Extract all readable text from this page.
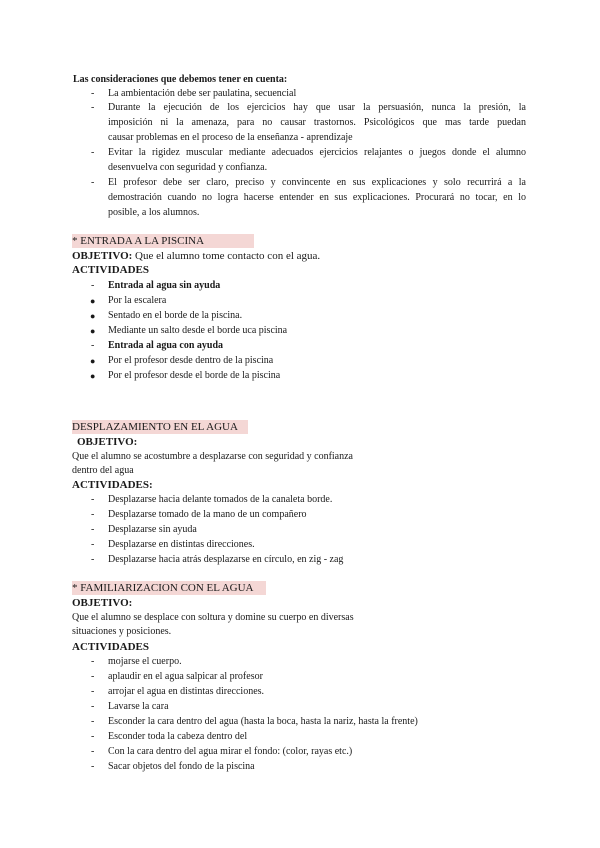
Las consideraciones que debemos tener en cuenta:
- La ambientación debe ser paulatina, secuencial
- Durante la ejecución de los ejercicios hay que usar la persuasión, nunca la presión, la
imposición ni la amenaza, para no causar trastornos. Psicológicos que mas tarde puedan
causar problemas en el proceso de la enseñanza - aprendizaje
- Evitar la rigidez muscular mediante adecuados ejercicios relajantes o juegos donde el alumno
desenvuelva con seguridad y confianza.
- El profesor debe ser claro, preciso y convincente en sus explicaciones y solo recurrirá a la
demostración cuando no logra hacerse entender en sus explicaciones. Procurará no tocar, en lo
posible, a los alumnos.
* ENTRADA A LA PISCINA
OBJETIVO: Que el alumno tome contacto con el agua.
ACTIVIDADES
- Entrada al agua sin ayuda
● Por la escalera
● Sentado en el borde de la piscina.
● Mediante un salto desde el borde uca piscina
- Entrada al agua con ayuda
● Por el profesor desde dentro de la piscina
● Por el profesor desde el borde de la piscina
DESPLAZAMIENTO EN EL AGUA
OBJETIVO:
Que el alumno se acostumbre a desplazarse con seguridad y confianza
dentro del agua
ACTIVIDADES:
- Desplazarse hacia delante tomados de la canaleta borde.
- Desplazarse tomado de la mano de un compañero
- Desplazarse sin ayuda
- Desplazarse en distintas direcciones.
- Desplazarse hacia atrás desplazarse en círculo, en zig - zag
* FAMILIARIZACION CON EL AGUA
OBJETIVO:
Que el alumno se desplace con soltura y domine su cuerpo en diversas
situaciones y posiciones.
ACTIVIDADES
- mojarse el cuerpo.
- aplaudir en el agua salpicar al profesor
- arrojar el agua en distintas direcciones.
- Lavarse la cara
- Esconder la cara dentro del agua (hasta la boca, hasta la nariz, hasta la frente)
- Esconder toda la cabeza dentro del
- Con la cara dentro del agua mirar el fondo: (color, rayas etc.)
- Sacar objetos del fondo de la piscina
